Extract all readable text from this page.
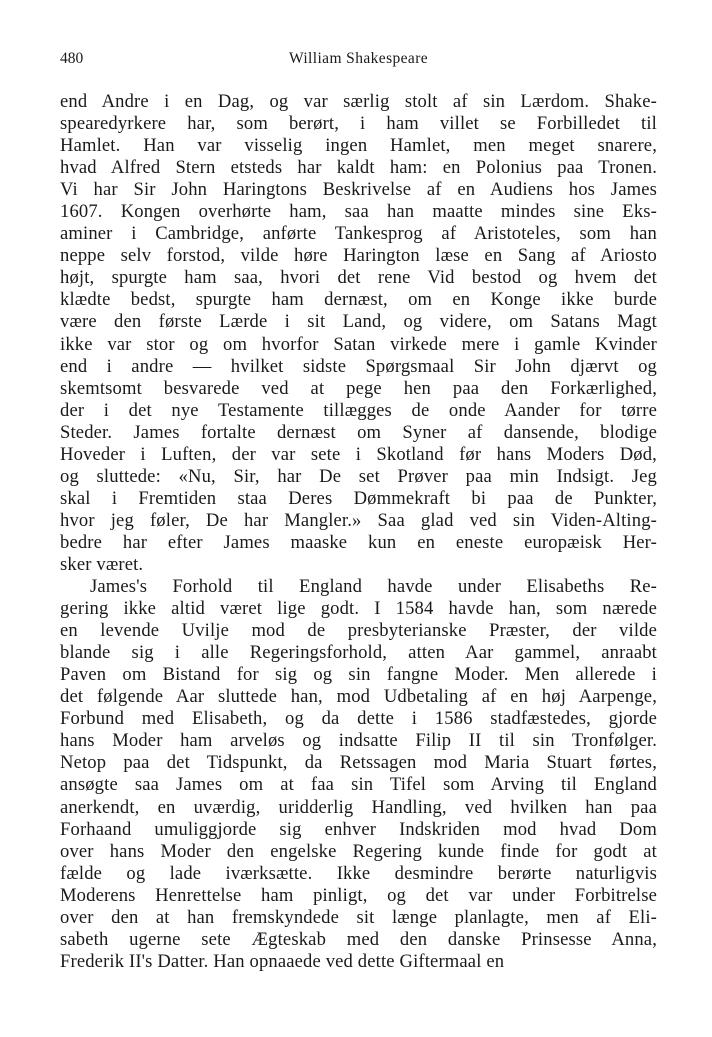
480	William Shakespeare
end Andre i en Dag, og var særlig stolt af sin Lærdom. Shake-
spearedyrkere har, som berørt, i ham villet se Forbilledet til
Hamlet. Han var visselig ingen Hamlet, men meget snarere,
hvad Alfred Stern etsteds har kaldt ham: en Polonius paa Tronen.
Vi har Sir John Haringtons Beskrivelse af en Audiens hos James
1607. Kongen overhørte ham, saa han maatte mindes sine Eks-
aminer i Cambridge, anførte Tankesprog af Aristoteles, som han
neppe selv forstod, vilde høre Harington læse en Sang af Ariosto
højt, spurgte ham saa, hvori det rene Vid bestod og hvem det
klædte bedst, spurgte ham dernæst, om en Konge ikke burde
være den første Lærde i sit Land, og videre, om Satans Magt
ikke var stor og om hvorfor Satan virkede mere i gamle Kvinder
end i andre — hvilket sidste Spørgsmaal Sir John djærvt og
skemtsomt besvarede ved at pege hen paa den Forkærlighed,
der i det nye Testamente tillægges de onde Aander for tørre
Steder. James fortalte dernæst om Syner af dansende, blodige
Hoveder i Luften, der var sete i Skotland før hans Moders Død,
og sluttede: «Nu, Sir, har De set Prøver paa min Indsigt. Jeg
skal i Fremtiden staa Deres Dømmekraft bi paa de Punkter,
hvor jeg føler, De har Mangler.» Saa glad ved sin Viden-Alting-
bedre har efter James maaske kun en eneste europæisk Her-
sker været.
James's Forhold til England havde under Elisabeths Re-
gering ikke altid været lige godt. I 1584 havde han, som nærede
en levende Uvilje mod de presbyterianske Præster, der vilde
blande sig i alle Regeringsforhold, atten Aar gammel, anraabt
Paven om Bistand for sig og sin fangne Moder. Men allerede i
det følgende Aar sluttede han, mod Udbetaling af en høj Aarpenge,
Forbund med Elisabeth, og da dette i 1586 stadfæstedes, gjorde
hans Moder ham arveløs og indsatte Filip II til sin Tronfølger.
Netop paa det Tidspunkt, da Retssagen mod Maria Stuart førtes,
ansøgte saa James om at faa sin Tifel som Arving til England
anerkendt, en uværdig, uridderlig Handling, ved hvilken han paa
Forhaand umuliggjorde sig enhver Indskriden mod hvad Dom
over hans Moder den engelske Regering kunde finde for godt at
fælde og lade iværksætte. Ikke desmindre berørte naturligvis
Moderens Henrettelse ham pinligt, og det var under Forbitrelse
over den at han fremskyndede sit længe planlagte, men af Eli-
sabeth ugerne sete Ægteskab med den danske Prinsesse Anna,
Frederik II's Datter. Han opnaaede ved dette Giftermaal en
